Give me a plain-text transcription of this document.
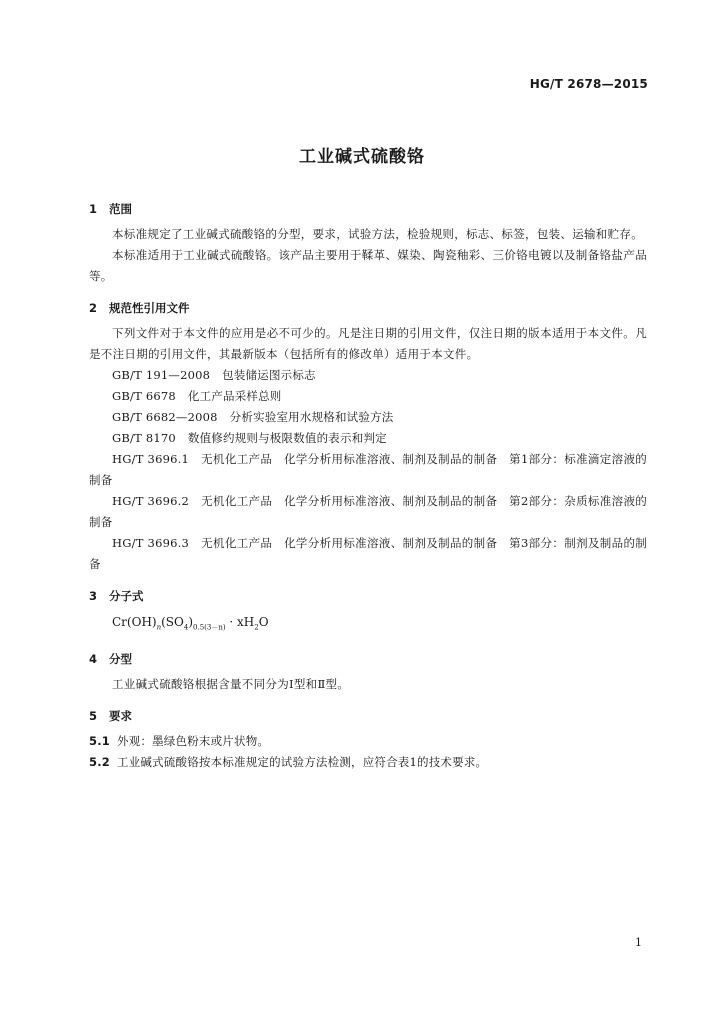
HG/T 2678—2015
工业碱式硫酸铬
1 范围
本标准规定了工业碱式硫酸铬的分型，要求，试验方法，检验规则，标志、标签，包装、运输和贮存。
本标准适用于工业碱式硫酸铬。该产品主要用于鞣革、媒染、陶瓷釉彩、三价铬电镀以及制备铬盐产品等。
2 规范性引用文件
下列文件对于本文件的应用是必不可少的。凡是注日期的引用文件，仅注日期的版本适用于本文件。凡是不注日期的引用文件，其最新版本（包括所有的修改单）适用于本文件。
GB/T 191—2008 包装储运图示标志
GB/T 6678 化工产品采样总则
GB/T 6682—2008 分析实验室用水规格和试验方法
GB/T 8170 数值修约规则与极限数值的表示和判定
HG/T 3696.1 无机化工产品　化学分析用标准溶液、制剂及制品的制备　第1部分：标准滴定溶液的制备
HG/T 3696.2 无机化工产品　化学分析用标准溶液、制剂及制品的制备　第2部分：杂质标准溶液的制备
HG/T 3696.3 无机化工产品　化学分析用标准溶液、制剂及制品的制备　第3部分：制剂及制品的制备
3 分子式
$Cr(OH)_n(SO_4)_{0.5(3-n)} \cdot xH_2O$
4 分型
工业碱式硫酸铬根据含量不同分为Ⅰ型和Ⅱ型。
5 要求
5.1 外观：墨绿色粉末或片状物。
5.2 工业碱式硫酸铬按本标准规定的试验方法检测，应符合表1的技术要求。
1
